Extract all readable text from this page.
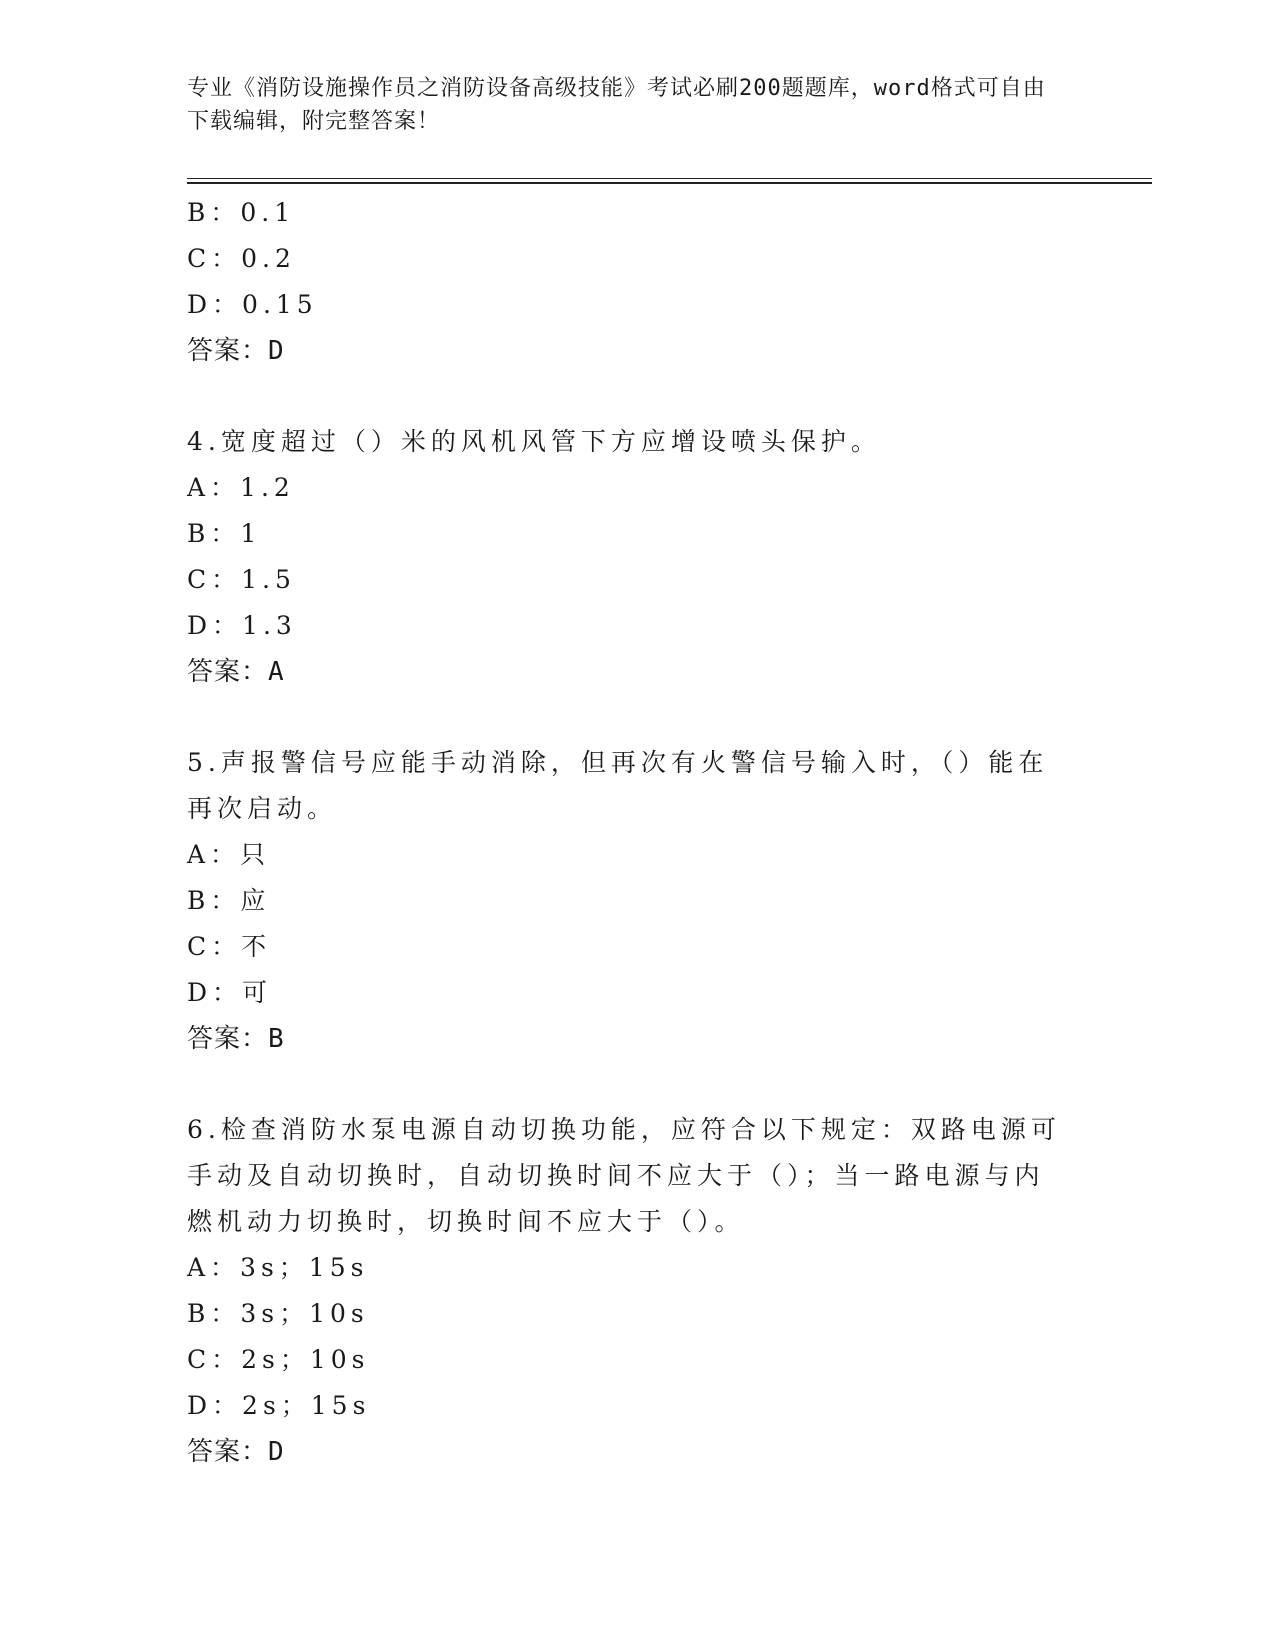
专业《消防设施操作员之消防设备高级技能》考试必刷200题题库，word格式可自由下载编辑，附完整答案！
B：0.1
C：0.2
D：0.15
答案：D
4.宽度超过（）米的风机风管下方应增设喷头保护。
A：1.2
B：1
C：1.5
D：1.3
答案：A
5.声报警信号应能手动消除，但再次有火警信号输入时，（）能在再次启动。
A：只
B：应
C：不
D：可
答案：B
6.检查消防水泵电源自动切换功能，应符合以下规定：双路电源可手动及自动切换时，自动切换时间不应大于（）；当一路电源与内燃机动力切换时，切换时间不应大于（）。
A：3s；15s
B：3s；10s
C：2s；10s
D：2s；15s
答案：D
